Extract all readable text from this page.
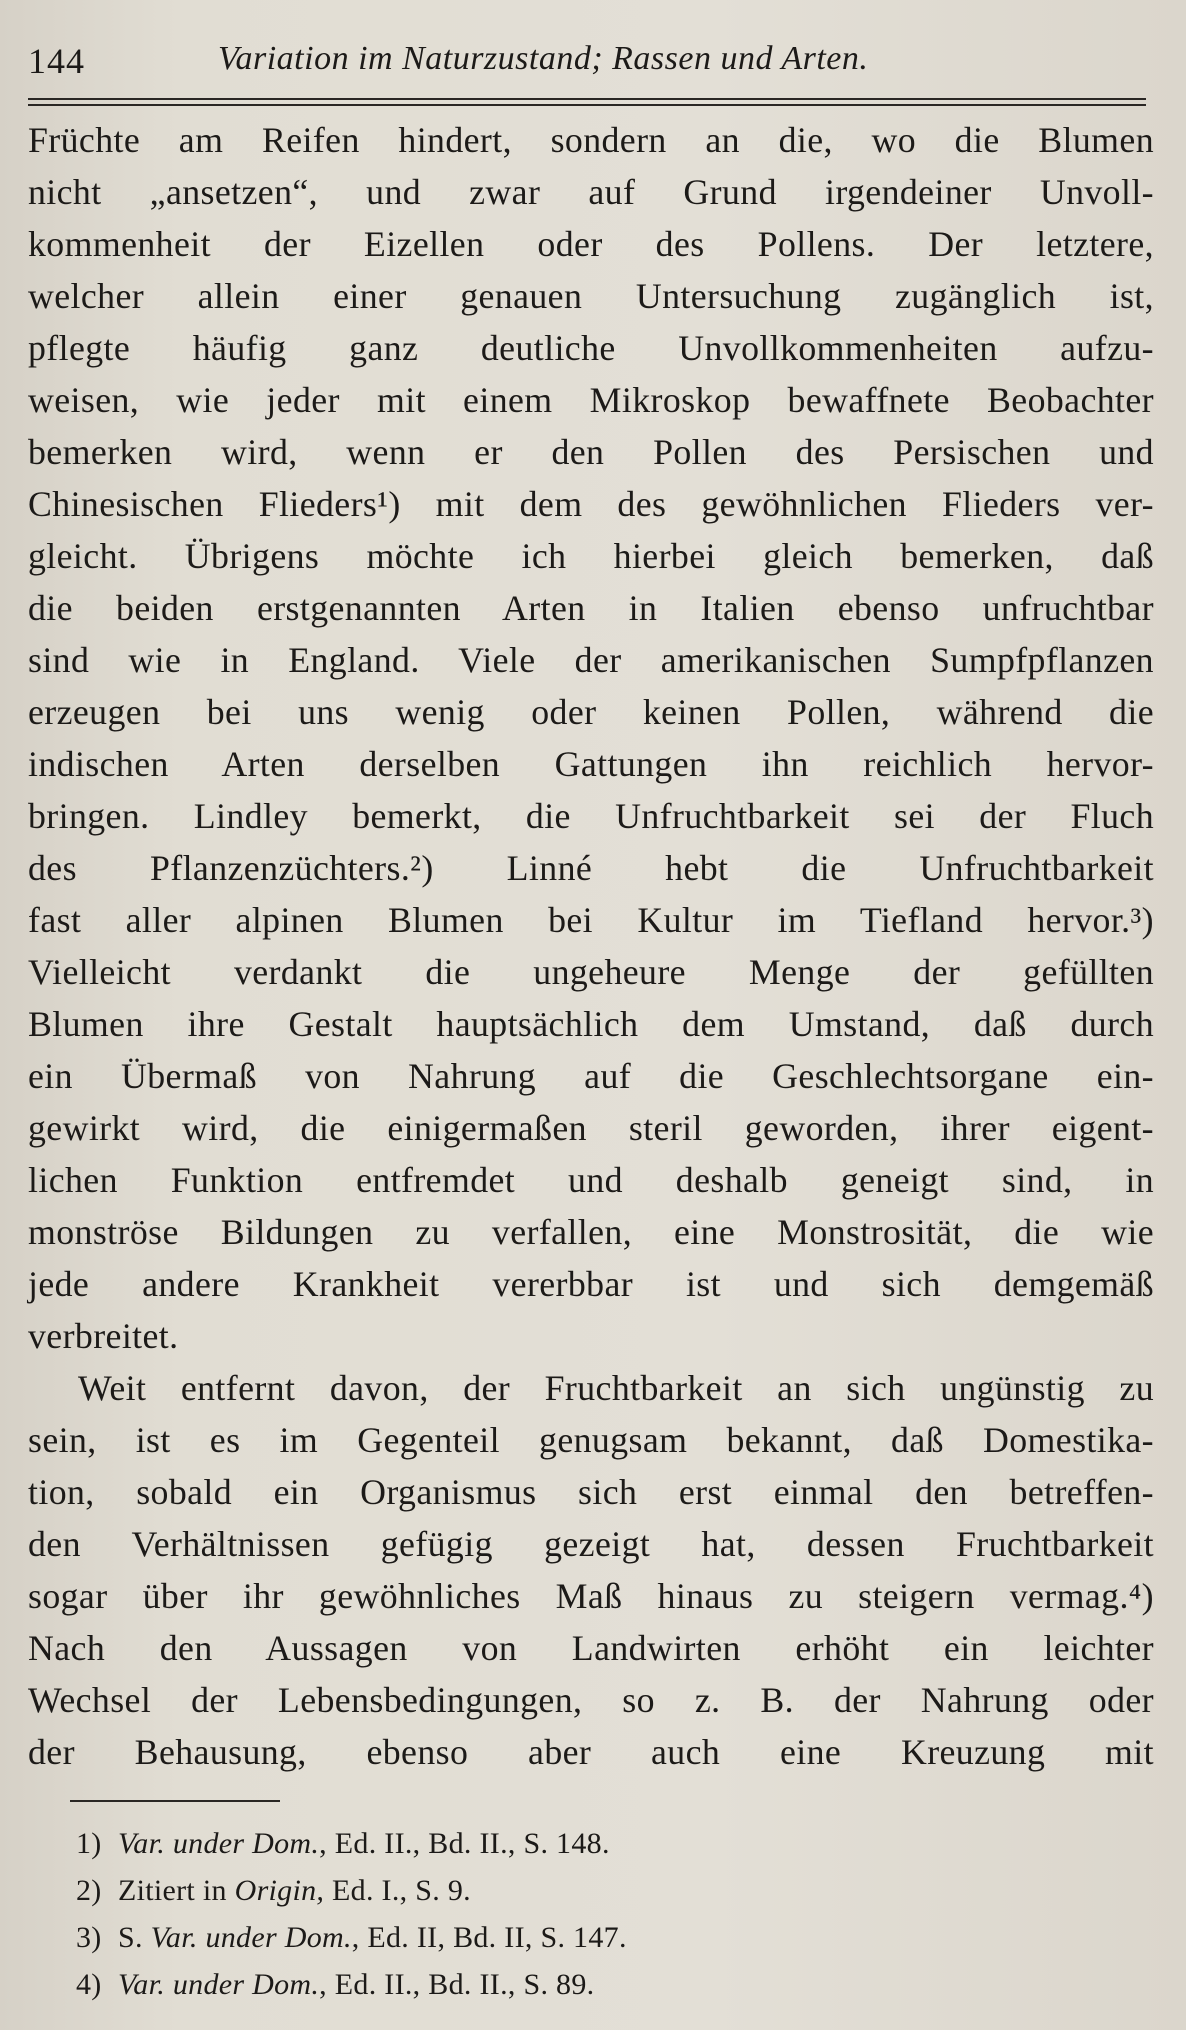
144	Variation im Naturzustand; Rassen und Arten.

Früchte am Reifen hindert, sondern an die, wo die Blumen

nicht „ansetzen“, und zwar auf Grund irgendeiner Unvoll-

kommenheit der Eizellen oder des Pollens. Der letztere,

welcher allein einer genauen Untersuchung zugänglich ist,

pflegte häufig ganz deutliche Unvollkommenheiten aufzu-

weisen, wie jeder mit einem Mikroskop bewaffnete Beobachter

bemerken wird, wenn er den Pollen des Persischen und

Chinesischen Flieders¹) mit dem des gewöhnlichen Flieders ver-

gleicht. Übrigens möchte ich hierbei gleich bemerken, daß

die beiden erstgenannten Arten in Italien ebenso unfruchtbar

sind wie in England. Viele der amerikanischen Sumpfpflanzen

erzeugen bei uns wenig oder keinen Pollen, während die

indischen Arten derselben Gattungen ihn reichlich hervor-

bringen. Lindley bemerkt, die Unfruchtbarkeit sei der Fluch

des Pflanzenzüchters.²) Linné hebt die Unfruchtbarkeit

fast aller alpinen Blumen bei Kultur im Tiefland hervor.³)

Vielleicht verdankt die ungeheure Menge der gefüllten

Blumen ihre Gestalt hauptsächlich dem Umstand, daß durch

ein Übermaß von Nahrung auf die Geschlechtsorgane ein-

gewirkt wird, die einigermaßen steril geworden, ihrer eigent-

lichen Funktion entfremdet und deshalb geneigt sind, in

monströse Bildungen zu verfallen, eine Monstrosität, die wie

jede andere Krankheit vererbbar ist und sich demgemäß

verbreitet.

Weit entfernt davon, der Fruchtbarkeit an sich ungünstig zu

sein, ist es im Gegenteil genugsam bekannt, daß Domestika-

tion, sobald ein Organismus sich erst einmal den betreffen-

den Verhältnissen gefügig gezeigt hat, dessen Fruchtbarkeit

sogar über ihr gewöhnliches Maß hinaus zu steigern vermag.⁴)

Nach den Aussagen von Landwirten erhöht ein leichter

Wechsel der Lebensbedingungen, so z. B. der Nahrung oder

der Behausung, ebenso aber auch eine Kreuzung mit

1) Var. under Dom., Ed. II., Bd. II., S. 148.
2) Zitiert in Origin, Ed. I., S. 9.
3) S. Var. under Dom., Ed. II, Bd. II, S. 147.
4) Var. under Dom., Ed. II., Bd. II., S. 89.
